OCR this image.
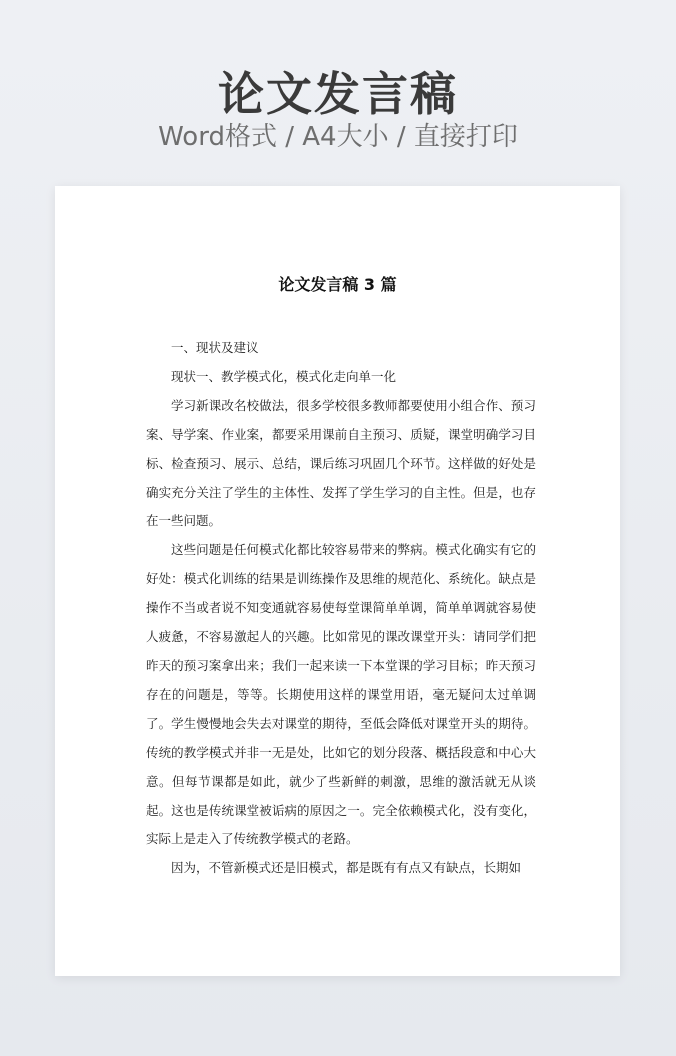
论文发言稿
Word格式 / A4大小 / 直接打印
论文发言稿 3 篇

一、现状及建议

现状一、教学模式化，模式化走向单一化

学习新课改名校做法，很多学校很多教师都要使用小组合作、预习案、导学案、作业案，都要采用课前自主预习、质疑，课堂明确学习目标、检查预习、展示、总结，课后练习巩固几个环节。这样做的好处是确实充分关注了学生的主体性、发挥了学生学习的自主性。但是，也存在一些问题。

这些问题是任何模式化都比较容易带来的弊病。模式化确实有它的好处：模式化训练的结果是训练操作及思维的规范化、系统化。缺点是操作不当或者说不知变通就容易使每堂课简单单调，简单单调就容易使人疲惫，不容易激起人的兴趣。比如常见的课改课堂开头：请同学们把昨天的预习案拿出来；我们一起来读一下本堂课的学习目标；昨天预习存在的问题是，等等。长期使用这样的课堂用语，毫无疑问太过单调了。学生慢慢地会失去对课堂的期待，至低会降低对课堂开头的期待。传统的教学模式并非一无是处，比如它的划分段落、概括段意和中心大意。但每节课都是如此，就少了些新鲜的刺激，思维的激活就无从谈起。这也是传统课堂被诟病的原因之一。完全依赖模式化，没有变化，实际上是走入了传统教学模式的老路。

因为，不管新模式还是旧模式，都是既有有点又有缺点，长期如
